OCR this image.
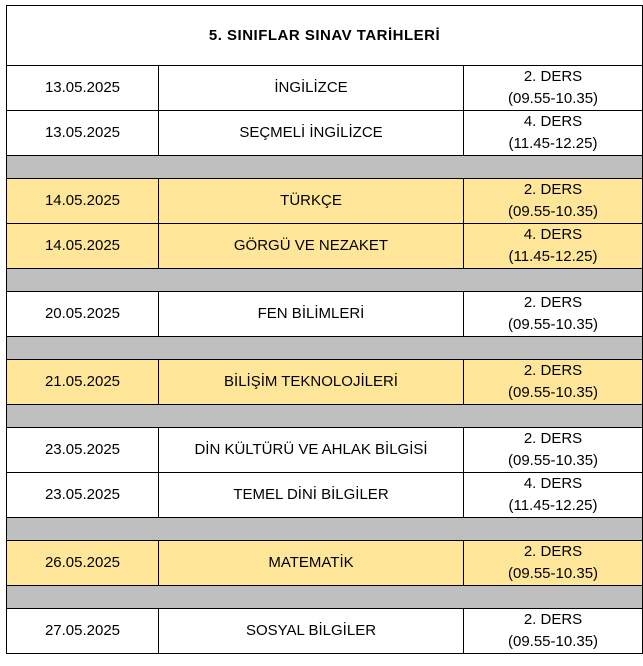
5. SINIFLAR SINAV TARİHLERİ		
13.05.2025	İNGİLİZCE	2. DERS
(09.55-10.35)

13.05.2025	SEÇMELİ İNGİLİZCE	4. DERS
(11.45-12.25)

14.05.2025	TÜRKÇE	2. DERS
(09.55-10.35)

14.05.2025	GÖRGÜ VE NEZAKET	4. DERS
(11.45-12.25)

20.05.2025	FEN BİLİMLERİ	2. DERS
(09.55-10.35)

21.05.2025	BİLİŞİM TEKNOLOJİLERİ	2. DERS
(09.55-10.35)

23.05.2025	DİN KÜLTÜRÜ VE AHLAK BİLGİSİ	2. DERS
(09.55-10.35)

23.05.2025	TEMEL DİNİ BİLGİLER	4. DERS
(11.45-12.25)

26.05.2025	MATEMATİK	2. DERS
(09.55-10.35)

27.05.2025	SOSYAL BİLGİLER	2. DERS
(09.55-10.35)
